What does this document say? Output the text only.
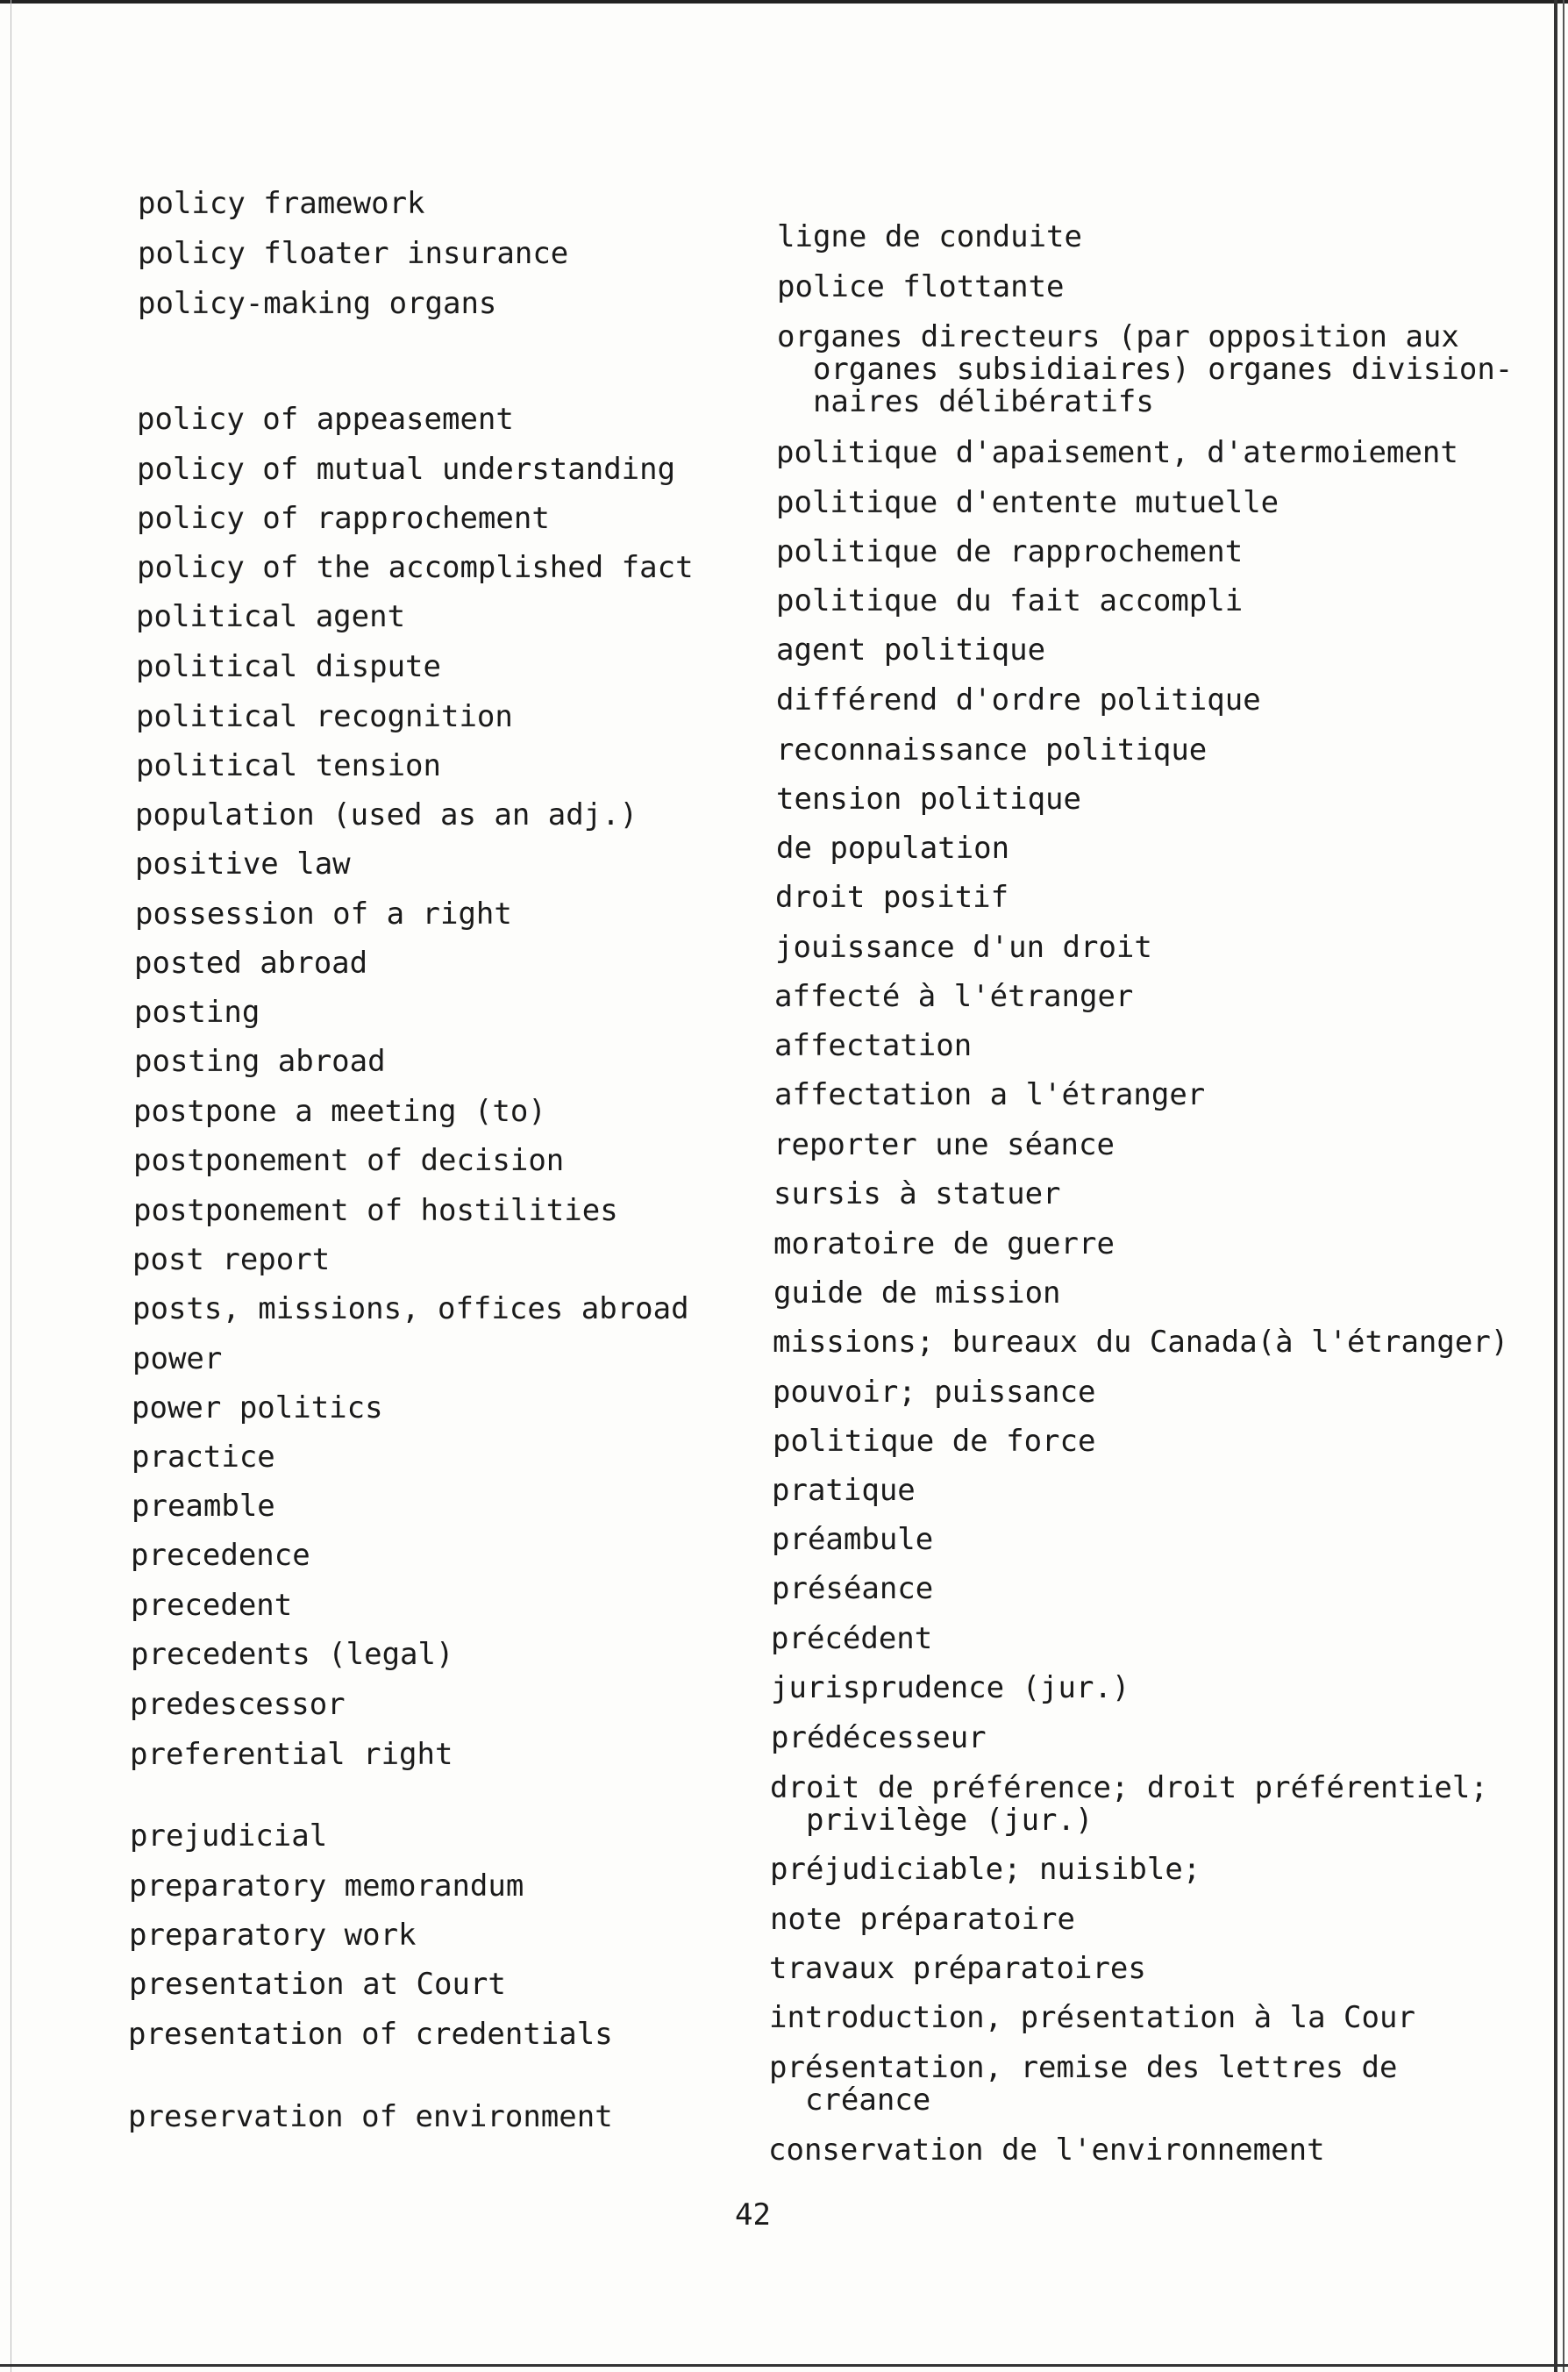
policy framework

ligne de conduite

policy floater insurance

police flottante

policy-making organs

organes directeurs (par opposition aux
organes subsidiaires) organes division-
naires délibératifs

policy of appeasement

politique d'apaisement, d'atermoiement

policy of mutual understanding

politique d'entente mutuelle

policy of rapprochement

politique de rapprochement

policy of the accomplished fact

politique du fait accompli

political agent

agent politique

political dispute

différend d'ordre politique

political recognition

reconnaissance politique

political tension

tension politique

population (used as an adj.)

de population

positive law

droit positif

possession of a right

jouissance d'un droit

posted abroad

affecté à l'étranger

posting

affectation

posting abroad

affectation a l'étranger

postpone a meeting (to)

reporter une séance

postponement of decision

sursis à statuer

postponement of hostilities

moratoire de guerre

post report

guide de mission

posts, missions, offices abroad

missions; bureaux du Canada(à l'étranger)

power

pouvoir; puissance

power politics

politique de force

practice

pratique

preamble

préambule

precedence

préséance

precedent

précédent

precedents (legal)

jurisprudence (jur.)

predescessor

prédécesseur

preferential right

droit de préférence; droit préférentiel;
privilège (jur.)

prejudicial

préjudiciable; nuisible;

preparatory memorandum

note préparatoire

preparatory work

travaux préparatoires

presentation at Court

introduction, présentation à la Cour

presentation of credentials

présentation, remise des lettres de
créance

preservation of environment

conservation de l'environnement

42
